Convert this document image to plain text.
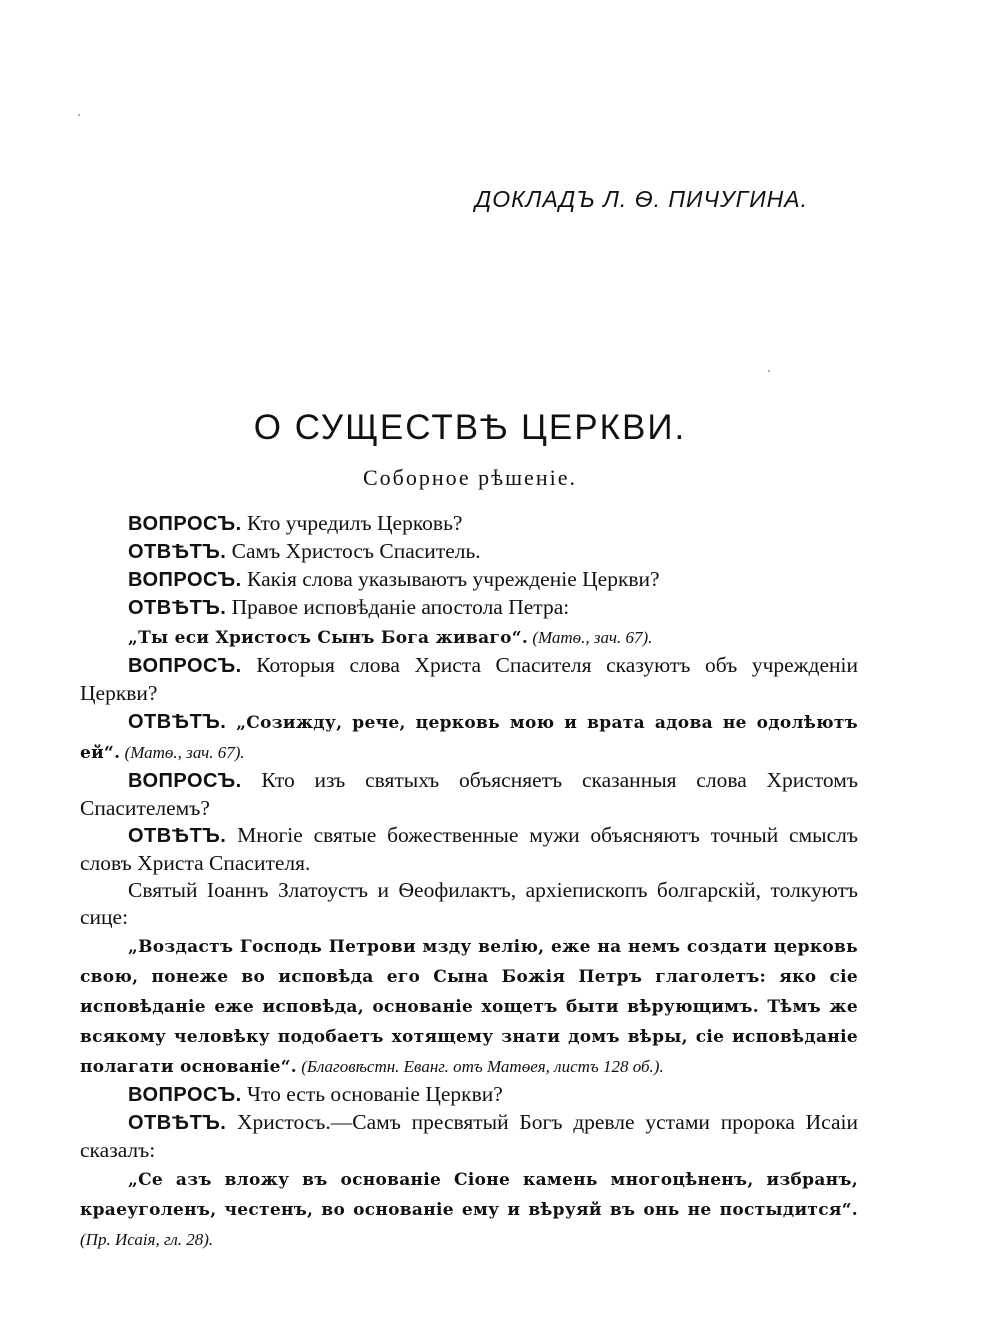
ДОКЛАДЪ Л. Ѳ. ПИЧУГИНА.
О СУЩЕСТВѢ ЦЕРКВИ.
Соборное рѣшеніе.

ВОПРОСЪ. Кто учредилъ Церковь?

ОТВѢТЪ. Самъ Христосъ Спаситель.

ВОПРОСЪ. Какія слова указываютъ учрежденіе Церкви?

ОТВѢТЪ. Правое исповѣданіе апостола Петра:

„Ты еси Христосъ Сынъ Бога живаго“. (Матѳ., зач. 67).

ВОПРОСЪ. Которыя слова Христа Спасителя сказуютъ объ учрежденіи Церкви?

ОТВѢТЪ. „Созижду, рече, церковь мою и врата адова не одолѣютъ ей“. (Матѳ., зач. 67).

ВОПРОСЪ. Кто изъ святыхъ объясняетъ сказанныя слова Христомъ Спасителемъ?

ОТВѢТЪ. Многіе святые божественные мужи объясняютъ точный смыслъ словъ Христа Спасителя.

Святый Іоаннъ Златоустъ и Ѳеофилактъ, архіепископъ болгарскій, толкуютъ сице:

„Воздастъ Господь Петрови мзду велію, еже на немъ создати церковь свою, понеже во исповѣда его Сына Божія Петръ глаголетъ: яко сіе исповѣданіе еже исповѣда, основаніе хощетъ быти вѣрующимъ. Тѣмъ же всякому человѣку подобаетъ хотящему знати домъ вѣры, сіе исповѣданіе полагати основаніе“. (Благовѣстн. Еванг. отъ Матѳея, листъ 128 об.).

ВОПРОСЪ. Что есть основаніе Церкви?

ОТВѢТЪ. Христосъ.—Самъ пресвятый Богъ древле устами пророка Исаіи сказалъ:

„Се азъ вложу въ основаніе Сіоне камень многоцѣненъ, избранъ, краеуголенъ, честенъ, во основаніе ему и вѣруяй въ онь не постыдится“. (Пр. Исаія, гл. 28).
